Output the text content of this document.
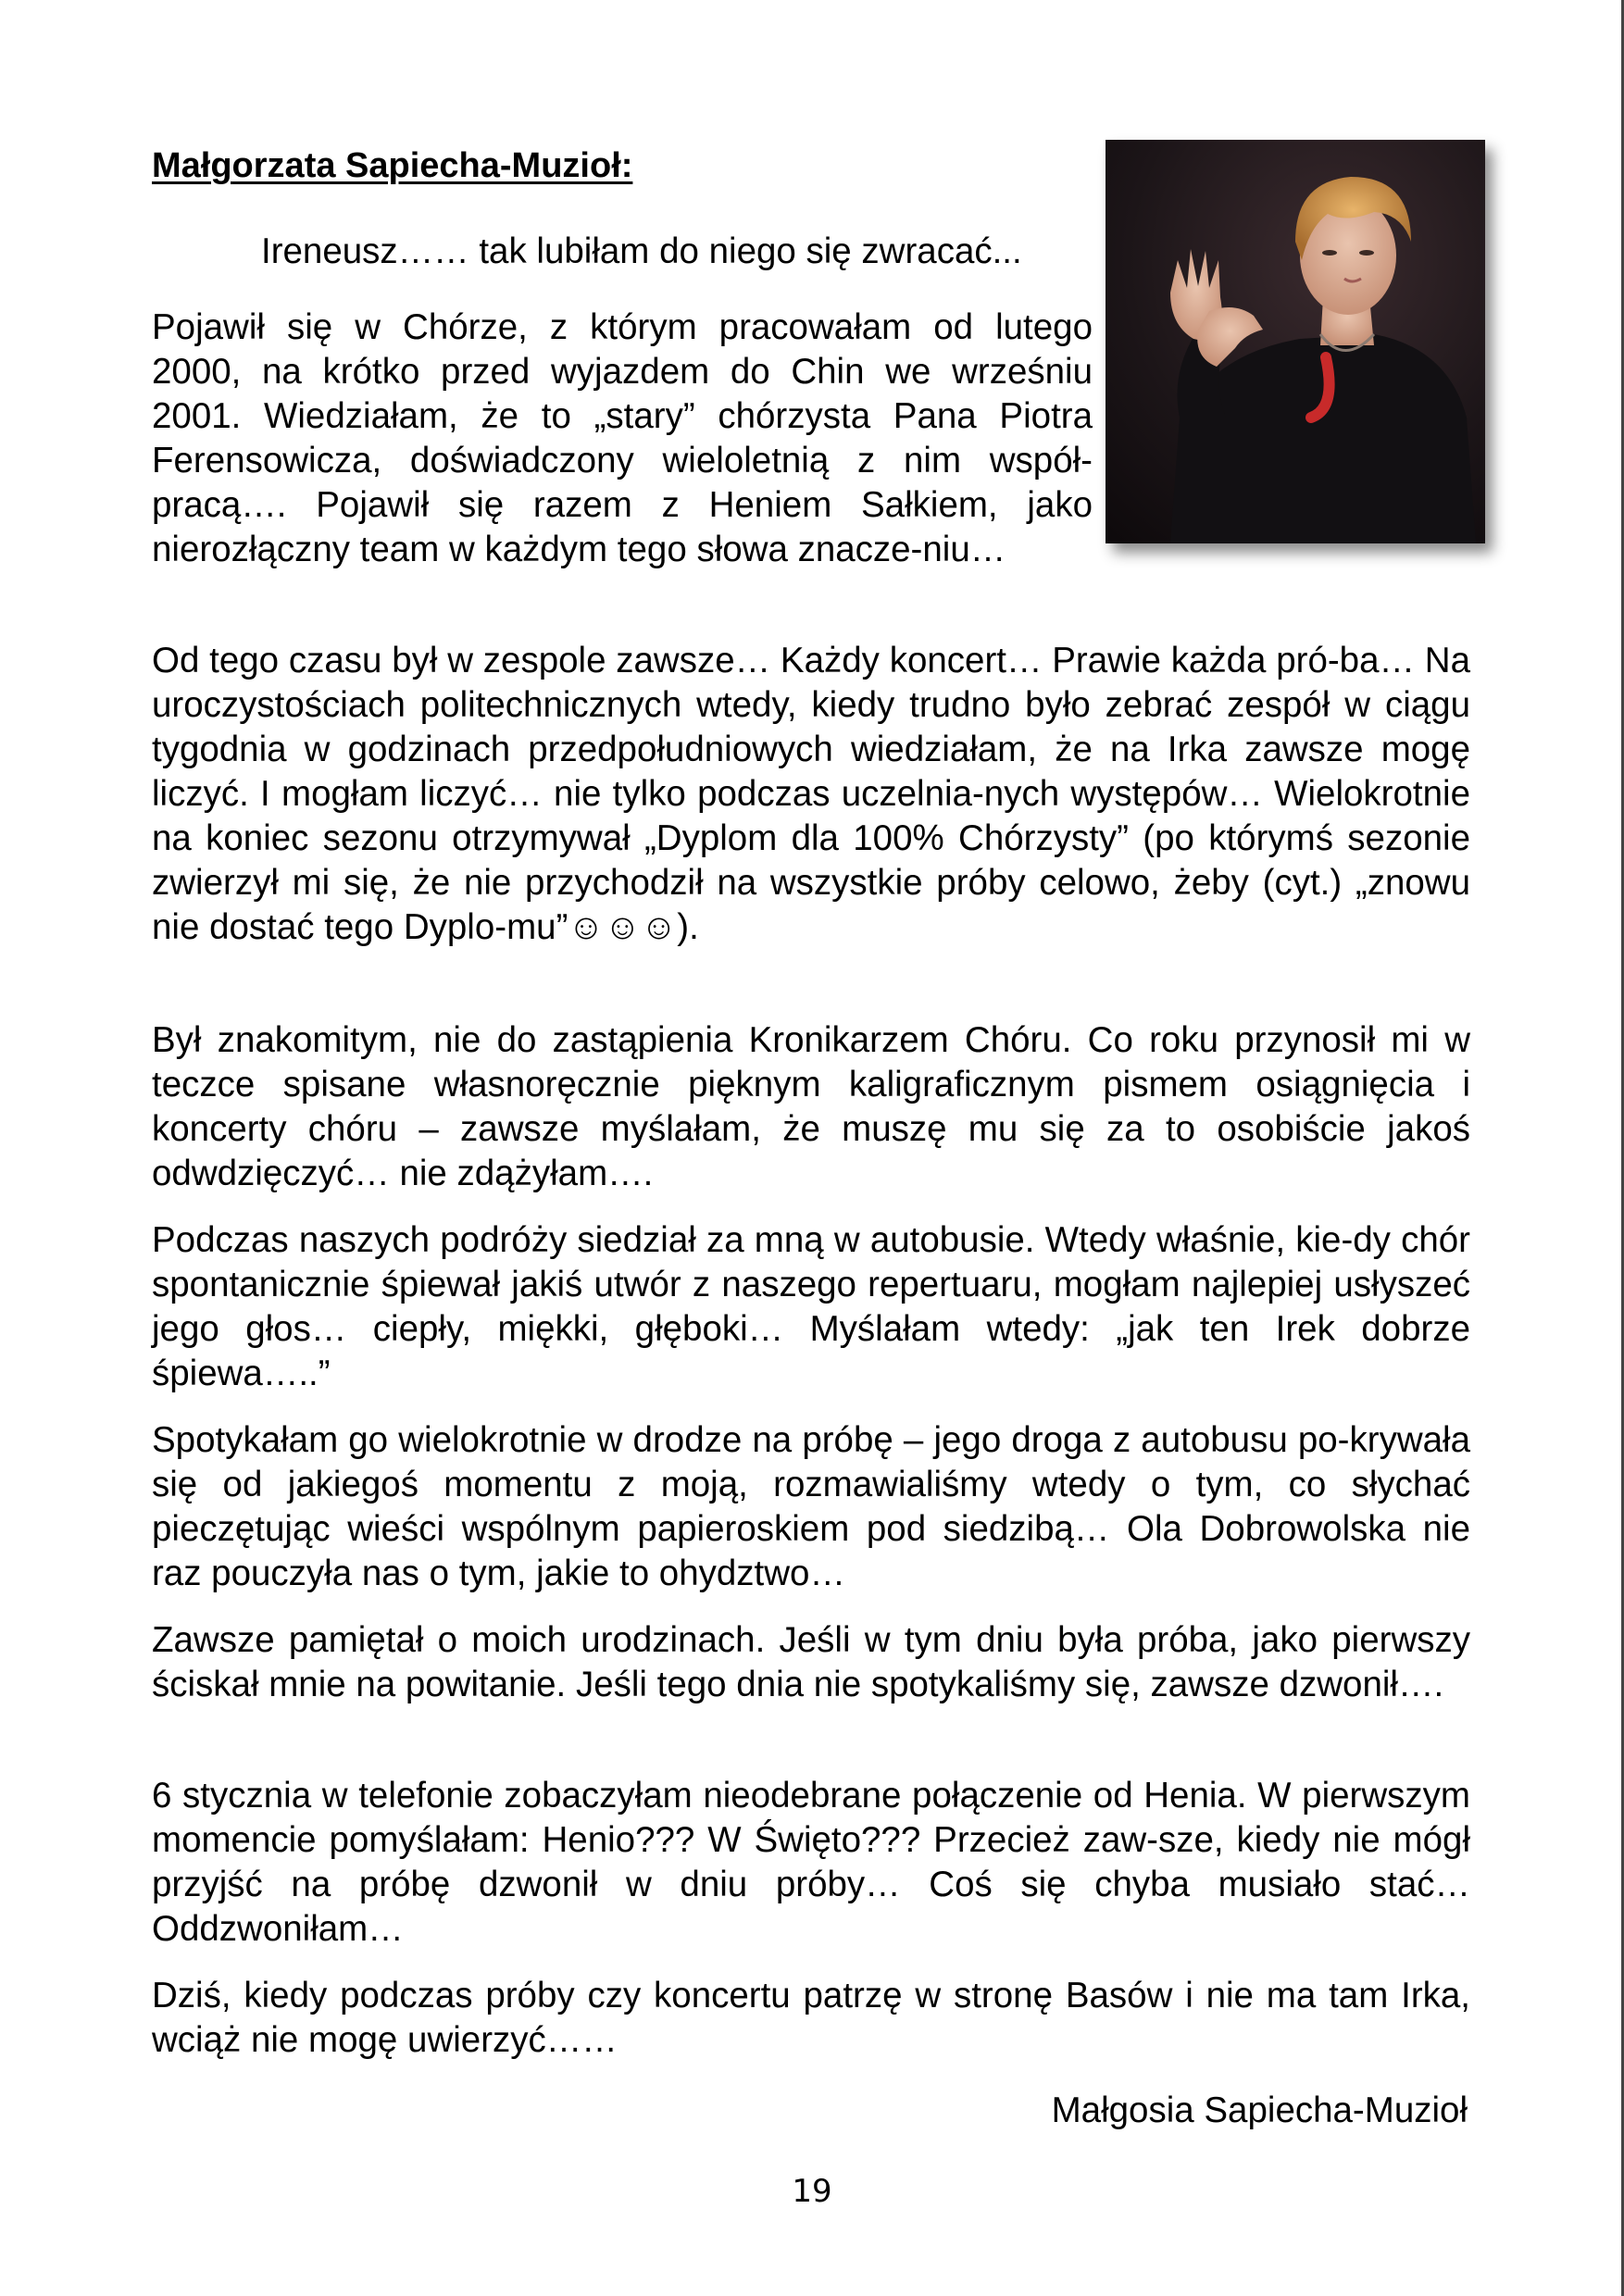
Małgorzata Sapiecha-Muzioł:

Ireneusz…… tak lubiłam do niego się zwracać...

Pojawił się w Chórze, z którym pracowałam od lutego 2000, na krótko przed wyjazdem do Chin we wrześniu 2001. Wiedziałam, że to „stary” chórzysta Pana Piotra Ferensowicza, doświadczony wieloletnią z nim współ-pracą…. Pojawił się razem z Heniem Sałkiem, jako nierozłączny team w każdym tego słowa znacze-niu…

Od tego czasu był w zespole zawsze… Każdy koncert… Prawie każda pró-ba… Na uroczystościach politechnicznych wtedy, kiedy trudno było zebrać zespół w ciągu tygodnia w godzinach przedpołudniowych wiedziałam, że na Irka zawsze mogę liczyć. I mogłam liczyć… nie tylko podczas uczelnia-nych występów… Wielokrotnie na koniec sezonu otrzymywał „Dyplom dla 100% Chórzysty” (po którymś sezonie zwierzył mi się, że nie przychodził na wszystkie próby celowo, żeby (cyt.) „znowu nie dostać tego Dyplo-mu”☺☺☺).

Był znakomitym, nie do zastąpienia Kronikarzem Chóru. Co roku przynosił mi w teczce spisane własnoręcznie pięknym kaligraficznym pismem osiągnięcia i koncerty chóru – zawsze myślałam, że muszę mu się za to osobiście jakoś odwdzięczyć… nie zdążyłam….

Podczas naszych podróży siedział za mną w autobusie. Wtedy właśnie, kie-dy chór spontanicznie śpiewał jakiś utwór z naszego repertuaru, mogłam najlepiej usłyszeć jego głos… ciepły, miękki, głęboki… Myślałam wtedy: „jak ten Irek dobrze śpiewa…..”

Spotykałam go wielokrotnie w drodze na próbę – jego droga z autobusu po-krywała się od jakiegoś momentu z moją, rozmawialiśmy wtedy o tym, co słychać pieczętując wieści wspólnym papieroskiem pod siedzibą… Ola Dobrowolska nie raz pouczyła nas o tym, jakie to ohydztwo…

Zawsze pamiętał o moich urodzinach. Jeśli w tym dniu była próba, jako pierwszy ściskał mnie na powitanie. Jeśli tego dnia nie spotykaliśmy się, zawsze dzwonił….

6 stycznia w telefonie zobaczyłam nieodebrane połączenie od Henia. W pierwszym momencie pomyślałam: Henio??? W Święto??? Przecież zaw-sze, kiedy nie mógł przyjść na próbę dzwonił w dniu próby… Coś się chyba musiało stać… Oddzwoniłam…

Dziś, kiedy podczas próby czy koncertu patrzę w stronę Basów i nie ma tam Irka, wciąż nie mogę uwierzyć……

Małgosia Sapiecha-Muzioł

19
